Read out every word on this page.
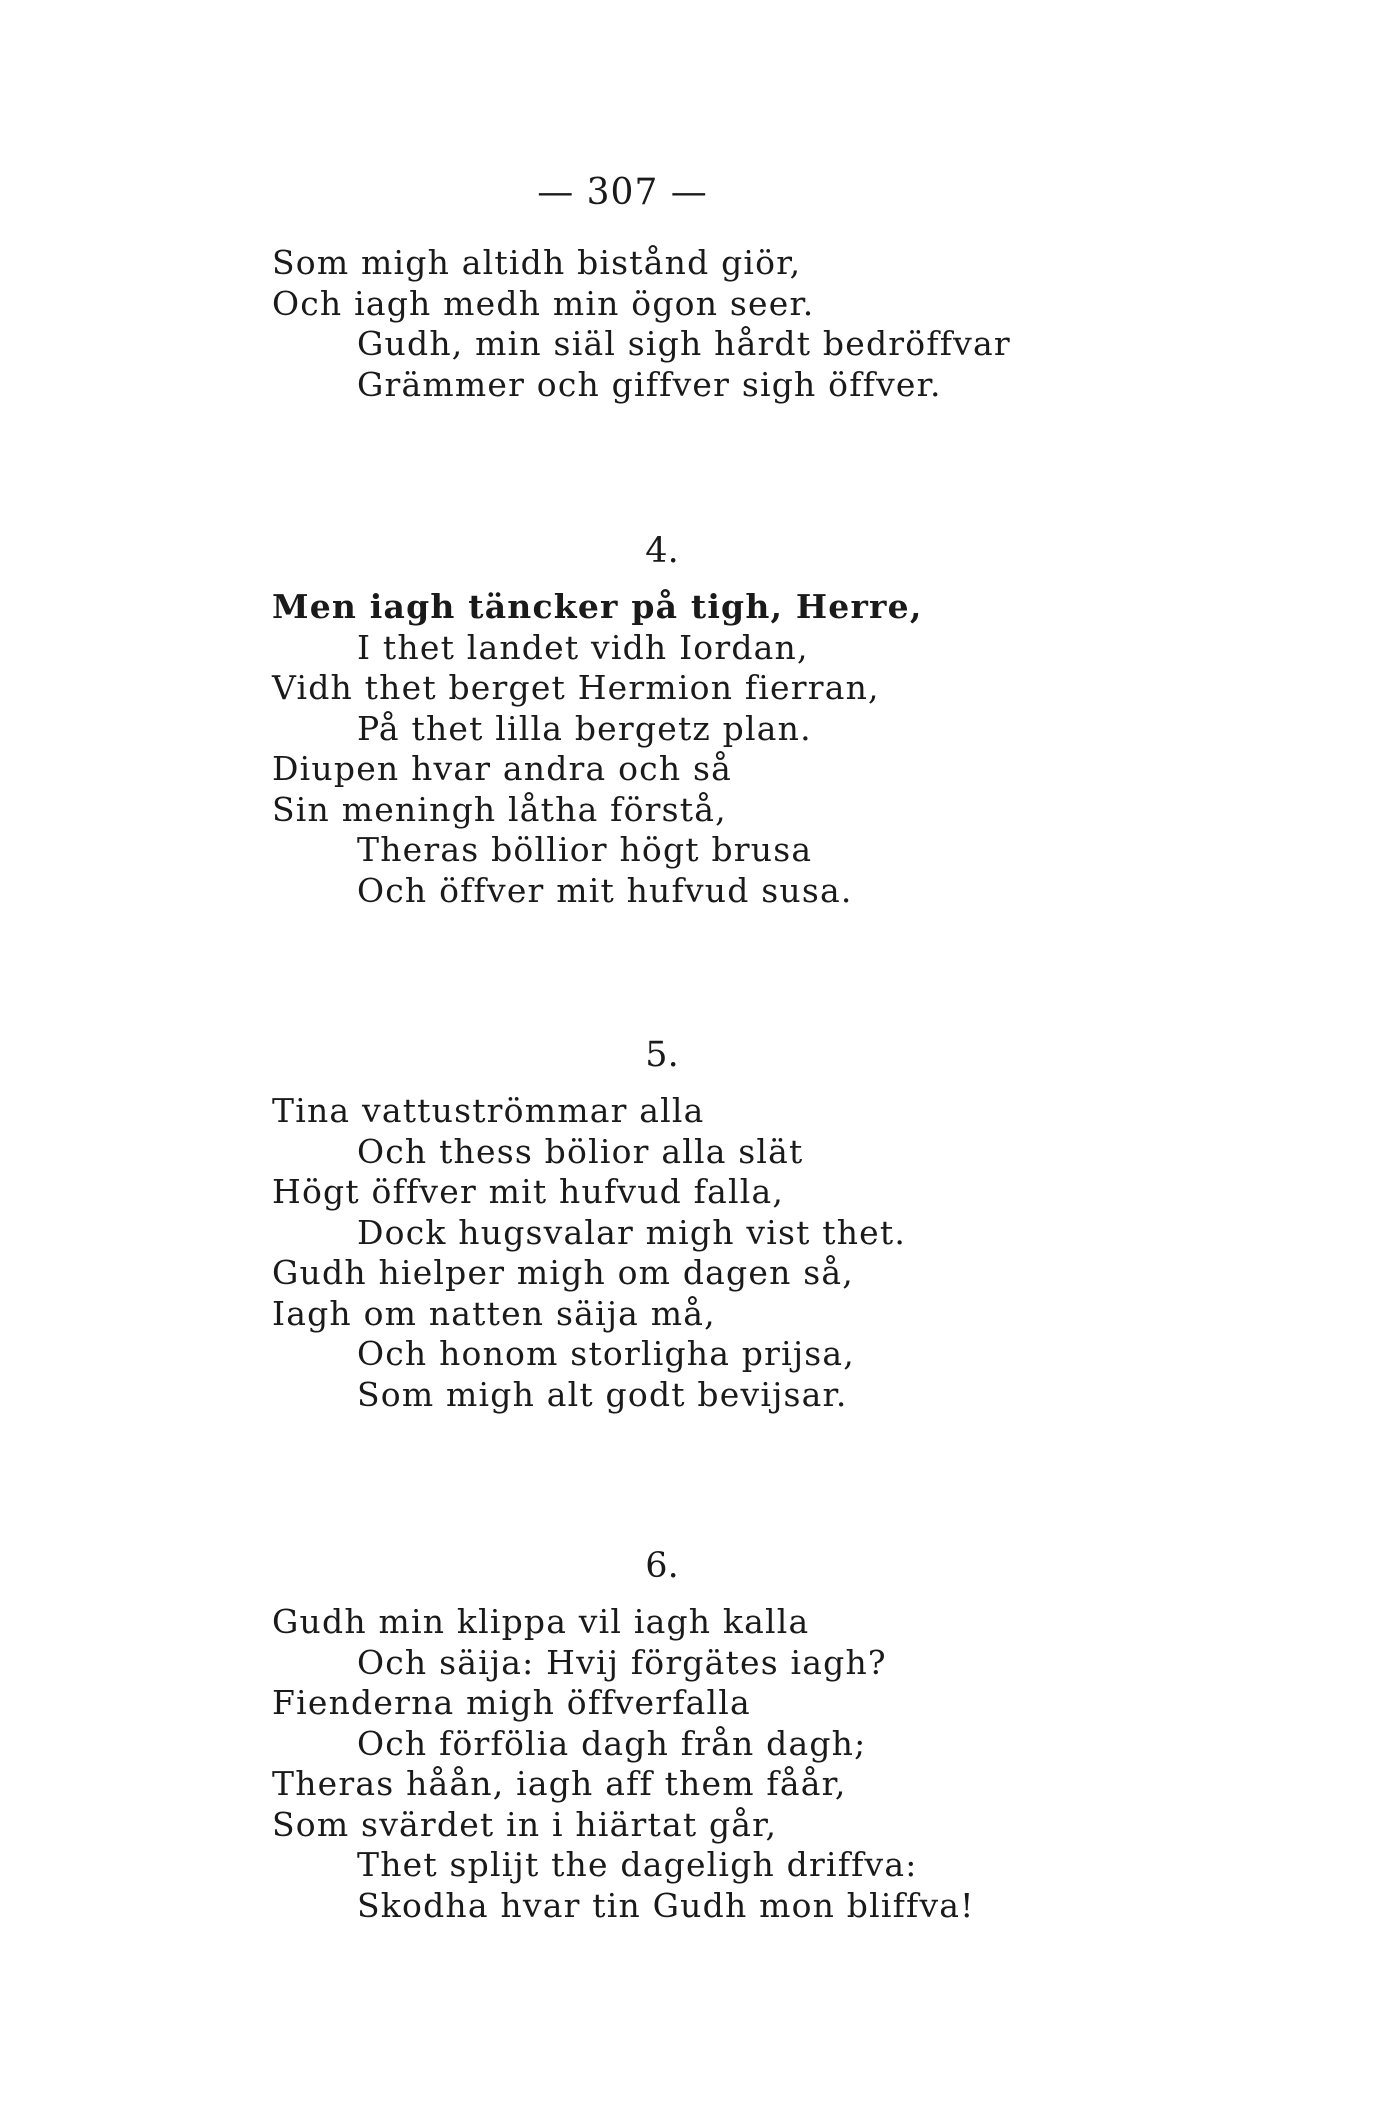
— 307 —
Som migh altidh bistånd giör,
Och iagh medh min ögon seer.
Gudh, min siäl sigh hårdt bedröffvar
Grämmer och giffver sigh öffver.
4.
Men iagh täncker på tigh, Herre,
I thet landet vidh Iordan,
Vidh thet berget Hermion fierran,
På thet lilla bergetz plan.
Diupen hvar andra och så
Sin meningh låtha förstå,
Theras böllior högt brusa
Och öffver mit hufvud susa.
5.
Tina vattuströmmar alla
Och thess bölior alla slät
Högt öffver mit hufvud falla,
Dock hugsvalar migh vist thet.
Gudh hielper migh om dagen så,
Iagh om natten säija må,
Och honom storligha prijsa,
Som migh alt godt bevijsar.
6.
Gudh min klippa vil iagh kalla
Och säija: Hvij förgätes iagh?
Fienderna migh öffverfalla
Och förfölia dagh från dagh;
Theras håån, iagh aff them fåår,
Som svärdet in i hiärtat går,
Thet splijt the dageligh driffva:
Skodha hvar tin Gudh mon bliffva!
